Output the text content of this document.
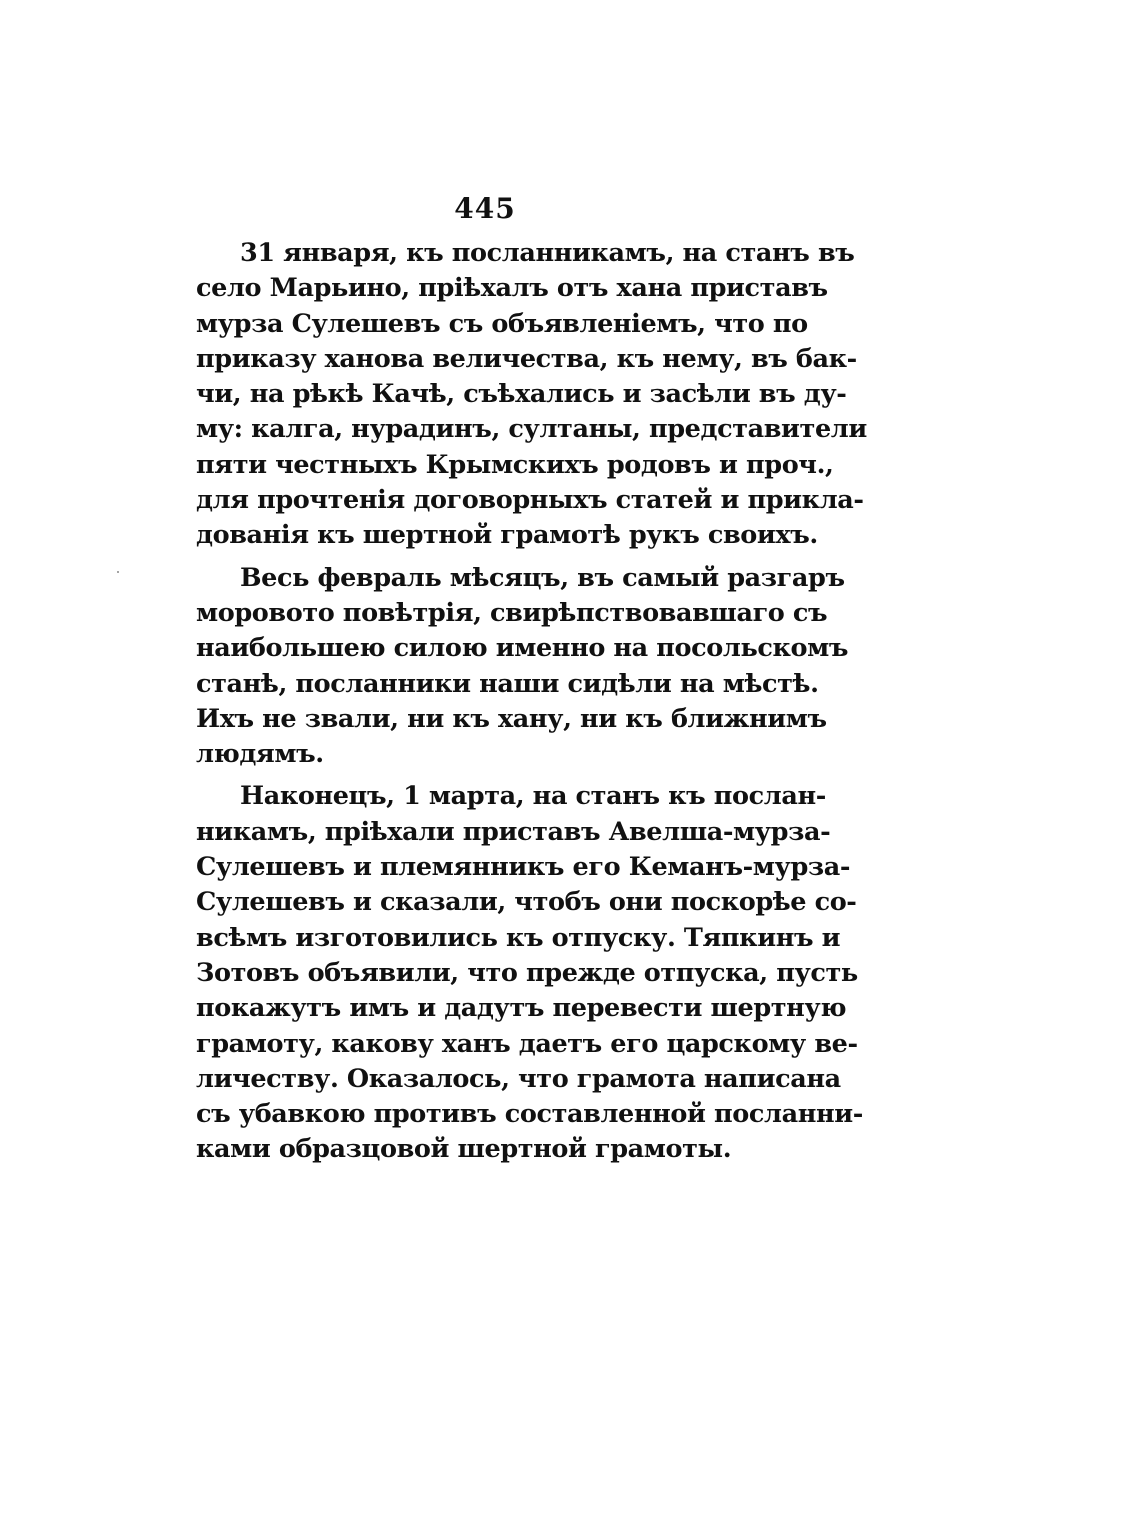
445
31 января, къ посланникамъ, на станъ въ
село Марьино, пріѣхалъ отъ хана приставъ
мурза Сулешевъ съ объявленіемъ, что по
приказу ханова величества, къ нему, въ бак-
чи, на рѣкѣ Качѣ, съѣхались и засѣли въ ду-
му: калга, нурадинъ, султаны, представители
пяти честныхъ Крымскихъ родовъ и проч.,
для прочтенія договорныхъ статей и прикла-
дованія къ шертной грамотѣ рукъ своихъ.
Весь февраль мѣсяцъ, въ самый разгаръ
моровото повѣтрія, свирѣпствовавшаго съ
наибольшею силою именно на посольскомъ
станѣ, посланники наши сидѣли на мѣстѣ.
Ихъ не звали, ни къ хану, ни къ ближнимъ
людямъ.
Наконецъ, 1 марта, на станъ къ послан-
никамъ, пріѣхали приставъ Авелша-мурза-
Сулешевъ и племянникъ его Кеманъ-мурза-
Сулешевъ и сказали, чтобъ они поскорѣе со-
всѣмъ изготовились къ отпуску. Тяпкинъ и
Зотовъ объявили, что прежде отпуска, пусть
покажутъ имъ и дадутъ перевести шертную
грамоту, какову ханъ даетъ его царскому ве-
личеству. Оказалось, что грамота написана
съ убавкою противъ составленной посланни-
ками образцовой шертной грамоты.
